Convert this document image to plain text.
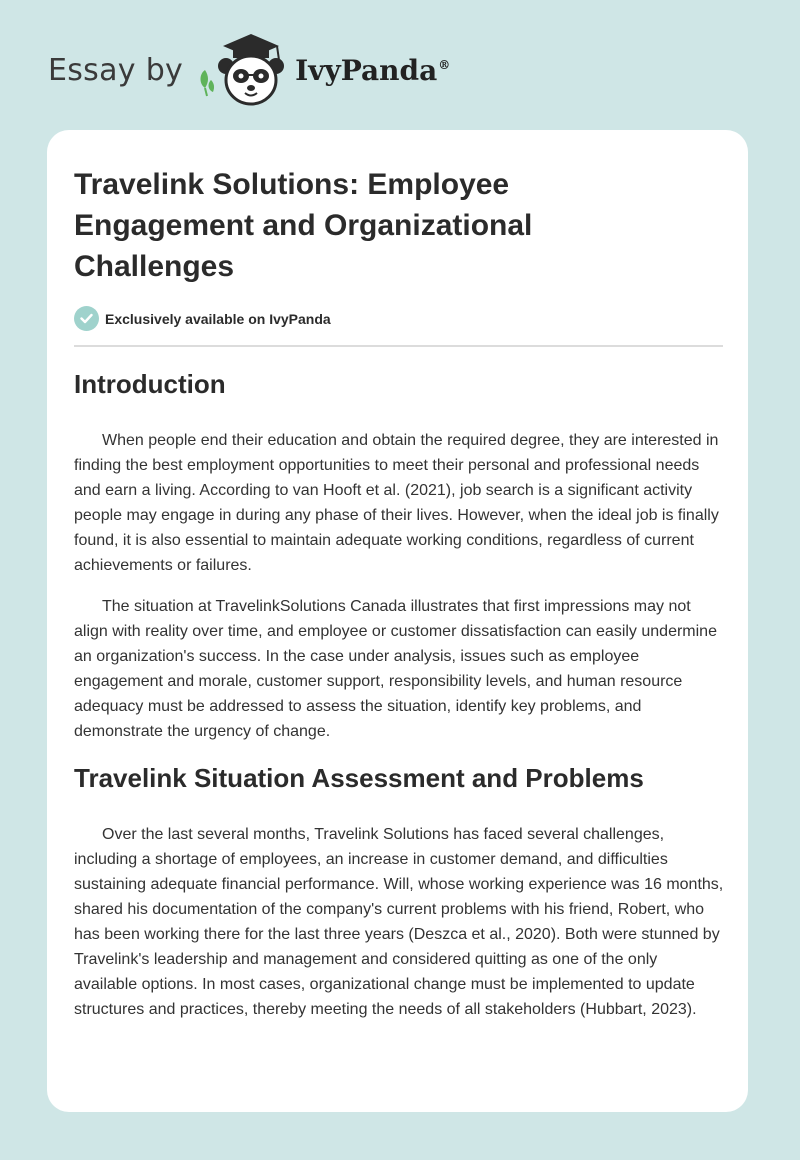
Essay by	IvyPanda®
Travelink Solutions: Employee Engagement and Organizational Challenges
Exclusively available on IvyPanda
Introduction

When people end their education and obtain the required degree, they are interested in finding the best employment opportunities to meet their personal and professional needs and earn a living. According to van Hooft et al. (2021), job search is a significant activity people may engage in during any phase of their lives. However, when the ideal job is finally found, it is also essential to maintain adequate working conditions, regardless of current achievements or failures.

The situation at TravelinkSolutions Canada illustrates that first impressions may not align with reality over time, and employee or customer dissatisfaction can easily undermine an organization's success. In the case under analysis, issues such as employee engagement and morale, customer support, responsibility levels, and human resource adequacy must be addressed to assess the situation, identify key problems, and demonstrate the urgency of change.

Travelink Situation Assessment and Problems

Over the last several months, Travelink Solutions has faced several challenges, including a shortage of employees, an increase in customer demand, and difficulties sustaining adequate financial performance. Will, whose working experience was 16 months, shared his documentation of the company's current problems with his friend, Robert, who has been working there for the last three years (Deszca et al., 2020). Both were stunned by Travelink's leadership and management and considered quitting as one of the only available options. In most cases, organizational change must be implemented to update structures and practices, thereby meeting the needs of all stakeholders (Hubbart, 2023).
